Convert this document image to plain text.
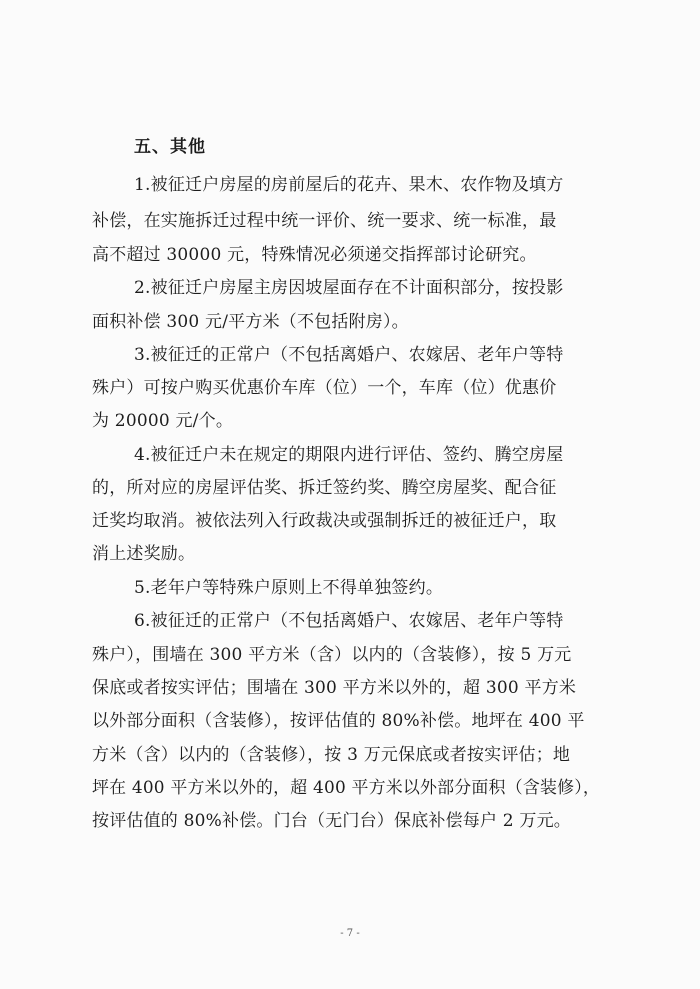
五、其他
1.被征迁户房屋的房前屋后的花卉、果木、农作物及填方
补偿，在实施拆迁过程中统一评价、统一要求、统一标准，最
高不超过 30000 元，特殊情况必须递交指挥部讨论研究。
2.被征迁户房屋主房因坡屋面存在不计面积部分，按投影
面积补偿 300 元/平方米（不包括附房）。
3.被征迁的正常户（不包括离婚户、农嫁居、老年户等特
殊户）可按户购买优惠价车库（位）一个，车库（位）优惠价
为 20000 元/个。
4.被征迁户未在规定的期限内进行评估、签约、腾空房屋
的，所对应的房屋评估奖、拆迁签约奖、腾空房屋奖、配合征
迁奖均取消。被依法列入行政裁决或强制拆迁的被征迁户，取
消上述奖励。
5.老年户等特殊户原则上不得单独签约。
6.被征迁的正常户（不包括离婚户、农嫁居、老年户等特
殊户），围墙在 300 平方米（含）以内的（含装修），按 5 万元
保底或者按实评估；围墙在 300 平方米以外的，超 300 平方米
以外部分面积（含装修），按评估值的 80%补偿。地坪在 400 平
方米（含）以内的（含装修），按 3 万元保底或者按实评估；地
坪在 400 平方米以外的，超 400 平方米以外部分面积（含装修），
按评估值的 80%补偿。门台（无门台）保底补偿每户 2 万元。
- 7 -
